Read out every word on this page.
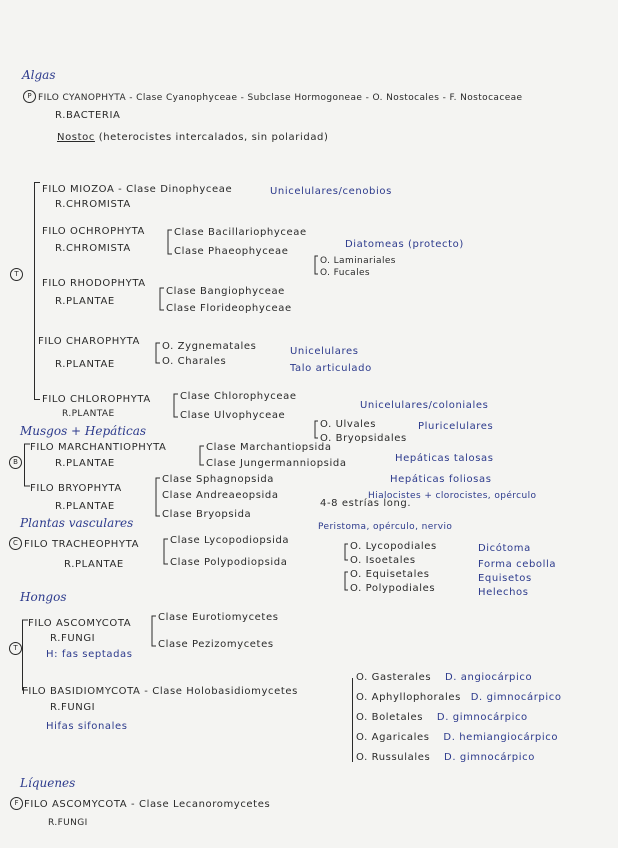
Algas
P FILO CYANOPHYTA - Clase Cyanophyceae - Subclase Hormogoneae - O. Nostocales - F. Nostocaceae
R.BACTERIA
Nostoc (heterocistes intercalados, sin polaridad)
T
FILO MIOZOA - Clase Dinophyceae	Unicelulares/cenobios
R.CHROMISTA
FILO OCHROPHYTA
R.CHROMISTA
Clase Bacillariophyceae
Diatomeas (protecto)
Clase Phaeophyceae
O. Laminariales
O. Fucales
FILO RHODOPHYTA
R.PLANTAE
Clase Bangiophyceae
Clase Florideophyceae
FILO CHAROPHYTA
R.PLANTAE
O. Zygnematales	Unicelulares
O. Charales
Talo articulado
FILO CHLOROPHYTA
R.PLANTAE
Clase Chlorophyceae
Unicelulares/coloniales
Clase Ulvophyceae
O. Ulvales	Pluricelulares
O. Bryopsidales
Musgos + Hepáticas
B
FILO MARCHANTIOPHYTA
R.PLANTAE
Clase Marchantiopsida
Hepáticas talosas
Clase Jungermanniopsida
Hepáticas foliosas
FILO BRYOPHYTA
R.PLANTAE
Clase Sphagnopsida
Hialocistes + clorocistes, opérculo
Clase Andreaeopsida
4-8 estrías long.
Clase Bryopsida
Peristoma, opérculo, nervio
Plantas vasculares
C FILO TRACHEOPHYTA
R.PLANTAE
Clase Lycopodiopsida
Clase Polypodiopsida
O. Lycopodiales	Dicótoma
O. Isoetales	Forma cebolla
O. Equisetales	Equisetos
O. Polypodiales	Helechos
Hongos
T
FILO ASCOMYCOTA
R.FUNGI
H: fas septadas
Clase Eurotiomycetes
Clase Pezizomycetes
FILO BASIDIOMYCOTA - Clase Holobasidiomycetes
R.FUNGI
Hifas sifonales
O. Gasterales D. angiocárpico
O. Aphyllophorales D. gimnocárpico
O. Boletales D. gimnocárpico
O. Agaricales D. hemiangiocárpico
O. Russulales D. gimnocárpico
Líquenes
F FILO ASCOMYCOTA - Clase Lecanoromycetes
R.FUNGI
